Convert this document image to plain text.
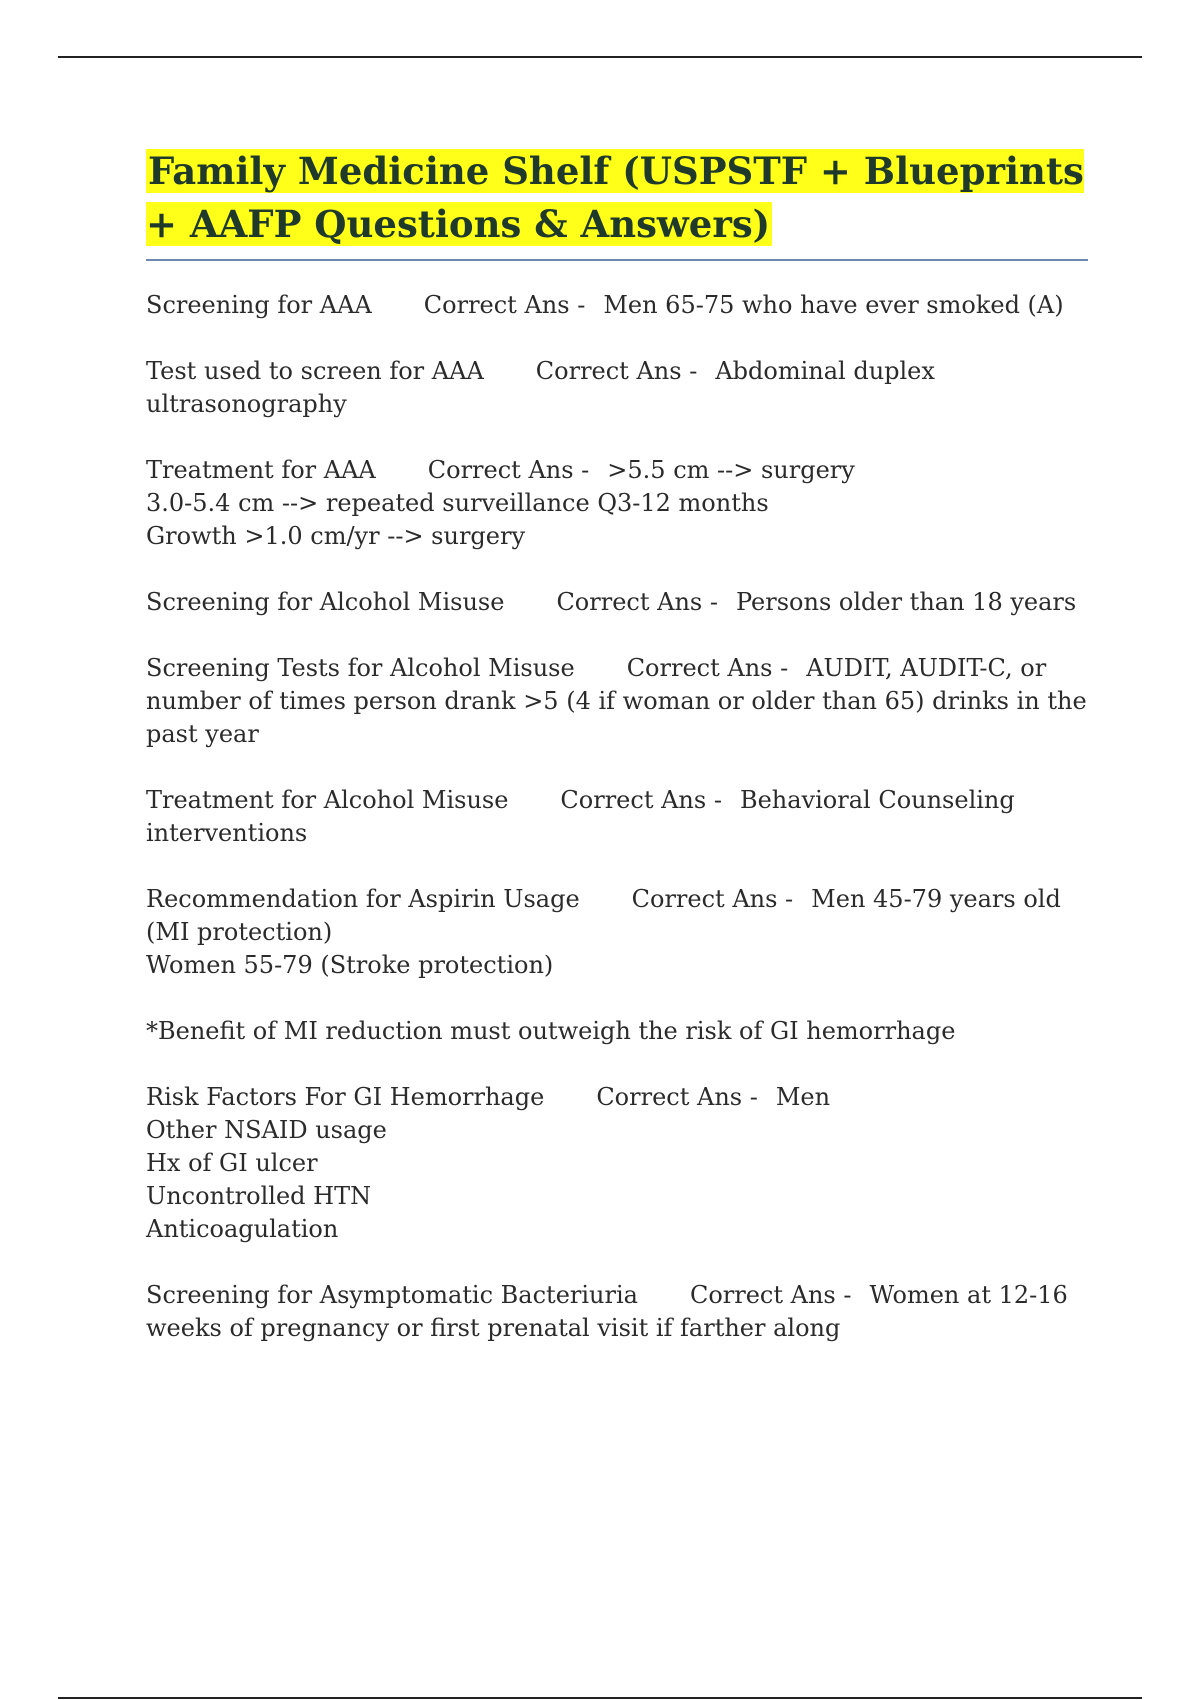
Family Medicine Shelf (USPSTF + Blueprints + AAFP Questions & Answers)

Screening for AAA Correct Ans - Men 65-75 who have ever smoked (A)

Test used to screen for AAA Correct Ans - Abdominal duplex ultrasonography

Treatment for AAA Correct Ans - >5.5 cm --> surgery
3.0-5.4 cm --> repeated surveillance Q3-12 months
Growth >1.0 cm/yr --> surgery

Screening for Alcohol Misuse Correct Ans - Persons older than 18 years

Screening Tests for Alcohol Misuse Correct Ans - AUDIT, AUDIT-C, or number of times person drank >5 (4 if woman or older than 65) drinks in the past year

Treatment for Alcohol Misuse Correct Ans - Behavioral Counseling interventions

Recommendation for Aspirin Usage Correct Ans - Men 45-79 years old (MI protection)
Women 55-79 (Stroke protection)

*Benefit of MI reduction must outweigh the risk of GI hemorrhage

Risk Factors For GI Hemorrhage Correct Ans - Men
Other NSAID usage
Hx of GI ulcer
Uncontrolled HTN
Anticoagulation

Screening for Asymptomatic Bacteriuria Correct Ans - Women at 12-16 weeks of pregnancy or first prenatal visit if farther along
